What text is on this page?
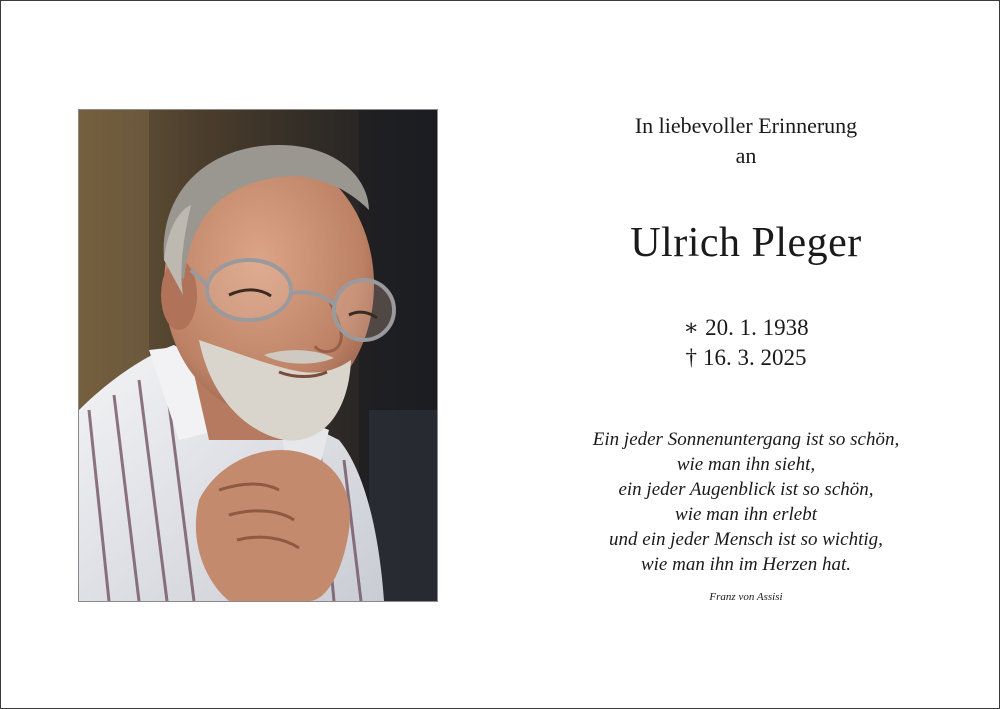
In liebevoller Erinnerung
an
Ulrich Pleger
∗ 20. 1. 1938
† 16. 3. 2025
Ein jeder Sonnenuntergang ist so schön,
wie man ihn sieht,
ein jeder Augenblick ist so schön,
wie man ihn erlebt
und ein jeder Mensch ist so wichtig,
wie man ihn im Herzen hat.
Franz von Assisi
